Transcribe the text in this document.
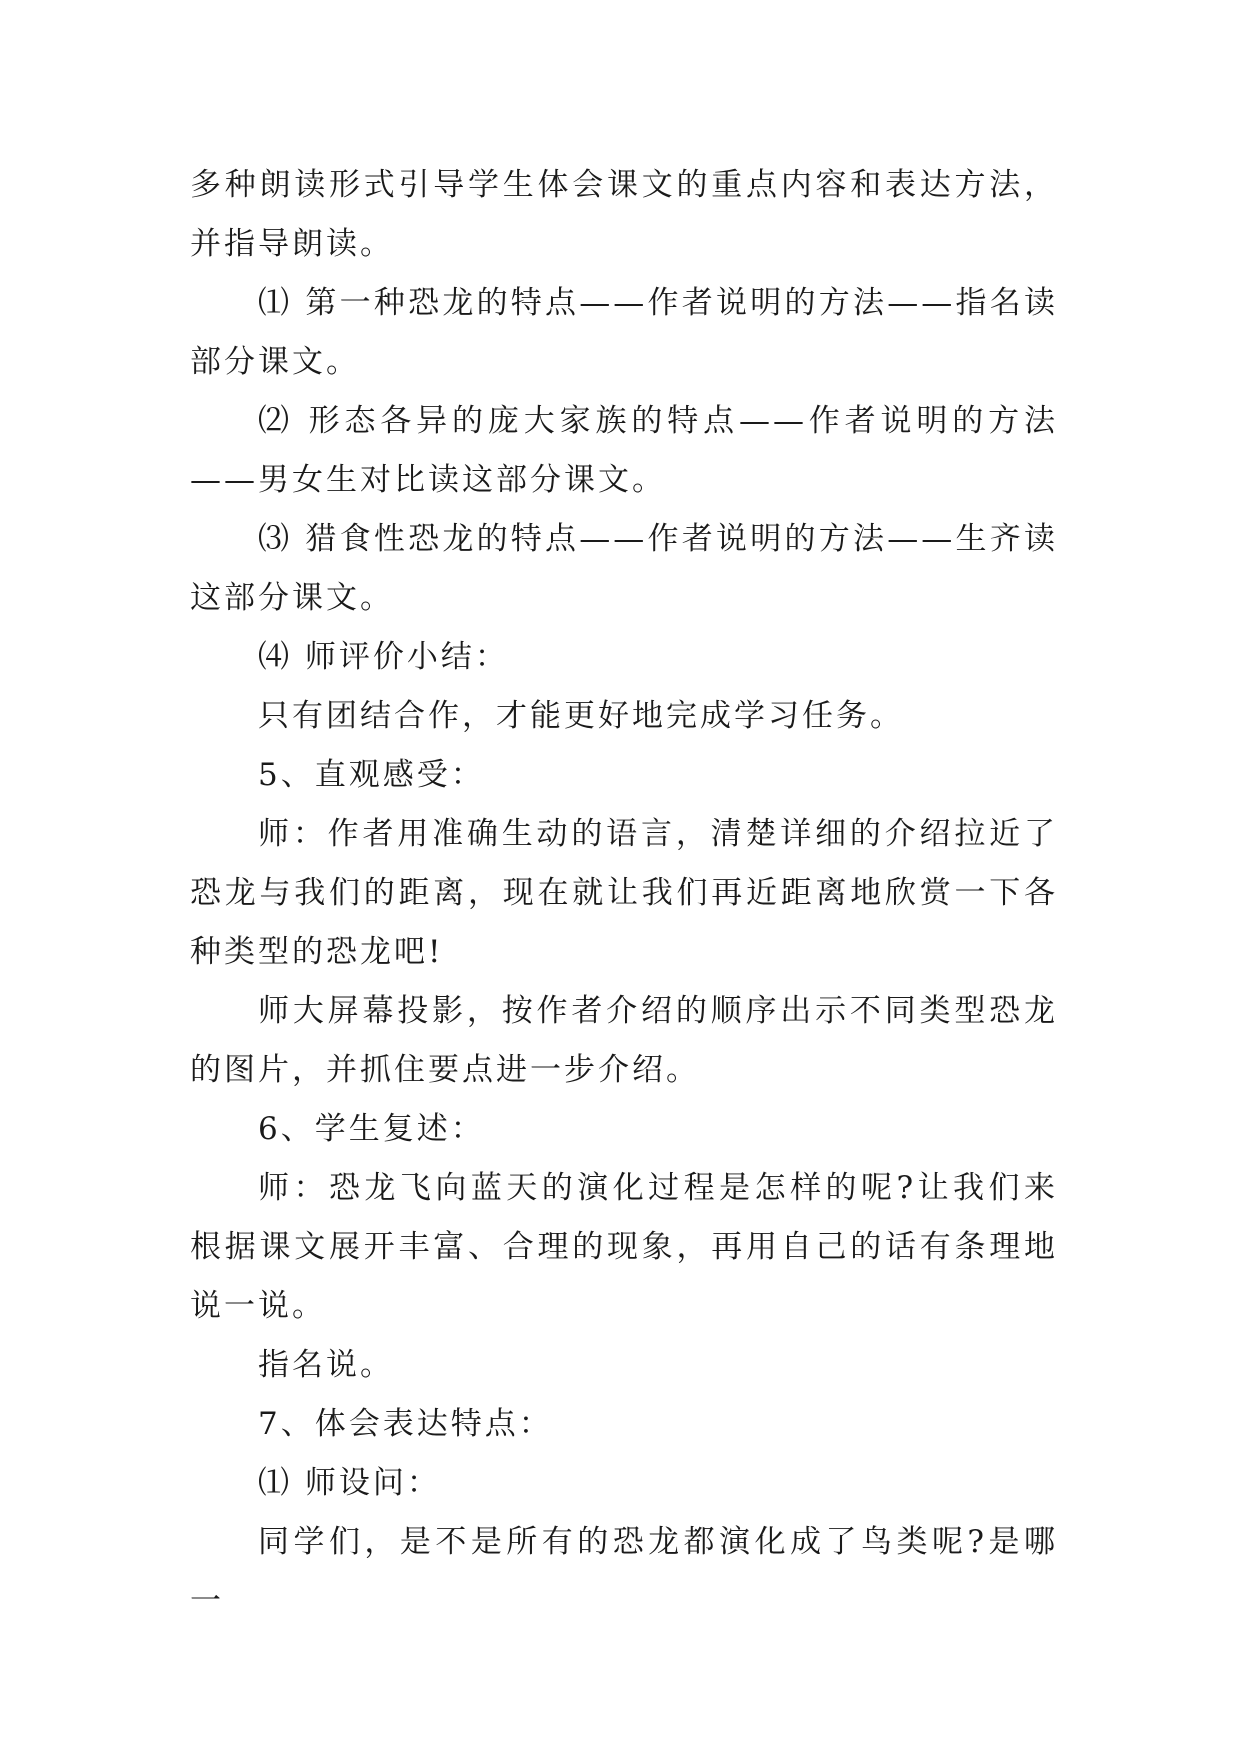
多种朗读形式引导学生体会课文的重点内容和表达方法，并指导朗读。

⑴ 第一种恐龙的特点——作者说明的方法——指名读部分课文。

⑵ 形态各异的庞大家族的特点——作者说明的方法——男女生对比读这部分课文。

⑶ 猎食性恐龙的特点——作者说明的方法——生齐读这部分课文。

⑷ 师评价小结：

只有团结合作，才能更好地完成学习任务。

5、直观感受：

师：作者用准确生动的语言，清楚详细的介绍拉近了恐龙与我们的距离，现在就让我们再近距离地欣赏一下各种类型的恐龙吧!

师大屏幕投影，按作者介绍的顺序出示不同类型恐龙的图片，并抓住要点进一步介绍。

6、学生复述：

师：恐龙飞向蓝天的演化过程是怎样的呢?让我们来根据课文展开丰富、合理的现象，再用自己的话有条理地说一说。

指名说。

7、体会表达特点：

⑴ 师设问：

同学们，是不是所有的恐龙都演化成了鸟类呢?是哪一
